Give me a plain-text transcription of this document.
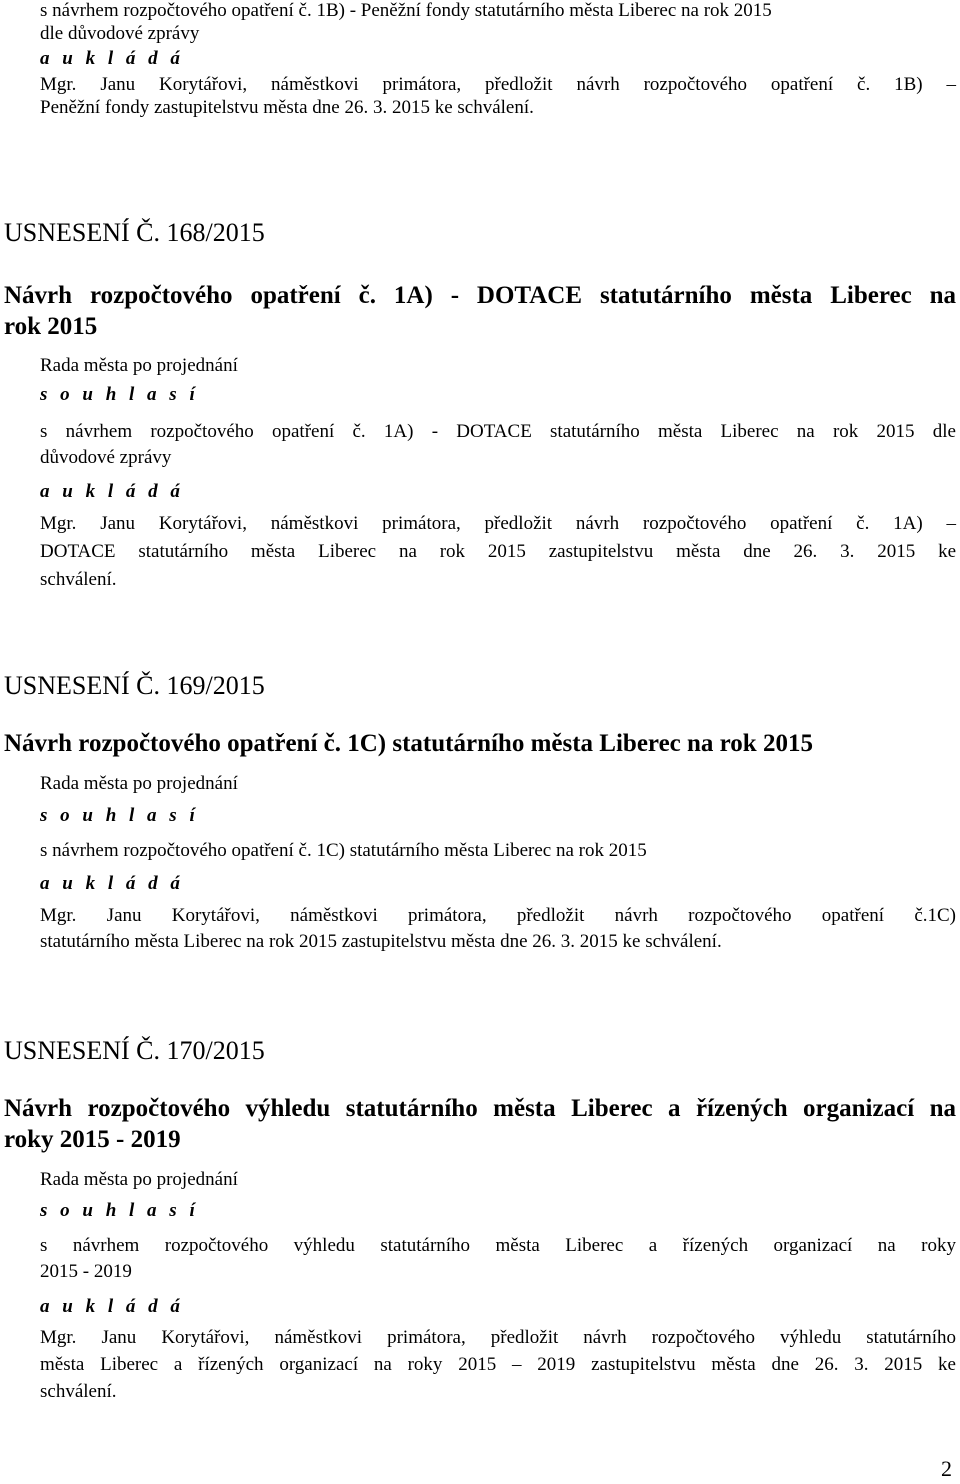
s návrhem rozpočtového opatření č. 1B) - Peněžní fondy statutárního města Liberec na rok 2015
dle důvodové zprávy
a u k l á d á
Mgr. Janu Korytářovi, náměstkovi primátora, předložit návrh rozpočtového opatření č. 1B) –
Peněžní fondy zastupitelstvu města dne 26. 3. 2015 ke schválení.
USNESENÍ Č. 168/2015
Návrh rozpočtového opatření č. 1A) - DOTACE statutárního města Liberec na
rok 2015
Rada města po projednání
s o u h l a s í
s návrhem rozpočtového opatření č. 1A) - DOTACE statutárního města Liberec na rok 2015 dle
důvodové zprávy
a u k l á d á
Mgr. Janu Korytářovi, náměstkovi primátora, předložit návrh rozpočtového opatření č. 1A) –
DOTACE statutárního města Liberec na rok 2015 zastupitelstvu města dne 26. 3. 2015 ke
schválení.
USNESENÍ Č. 169/2015
Návrh rozpočtového opatření č. 1C) statutárního města Liberec na rok 2015
Rada města po projednání
s o u h l a s í
s návrhem rozpočtového opatření č. 1C) statutárního města Liberec na rok 2015
a u k l á d á
Mgr. Janu Korytářovi, náměstkovi primátora, předložit návrh rozpočtového opatření č.1C)
statutárního města Liberec na rok 2015 zastupitelstvu města dne 26. 3. 2015 ke schválení.
USNESENÍ Č. 170/2015
Návrh rozpočtového výhledu statutárního města Liberec a řízených organizací na
roky 2015 - 2019
Rada města po projednání
s o u h l a s í
s návrhem rozpočtového výhledu statutárního města Liberec a řízených organizací na roky
2015 - 2019
a u k l á d á
Mgr. Janu Korytářovi, náměstkovi primátora, předložit návrh rozpočtového výhledu statutárního
města Liberec a řízených organizací na roky 2015 – 2019 zastupitelstvu města dne 26. 3. 2015 ke
schválení.
2
